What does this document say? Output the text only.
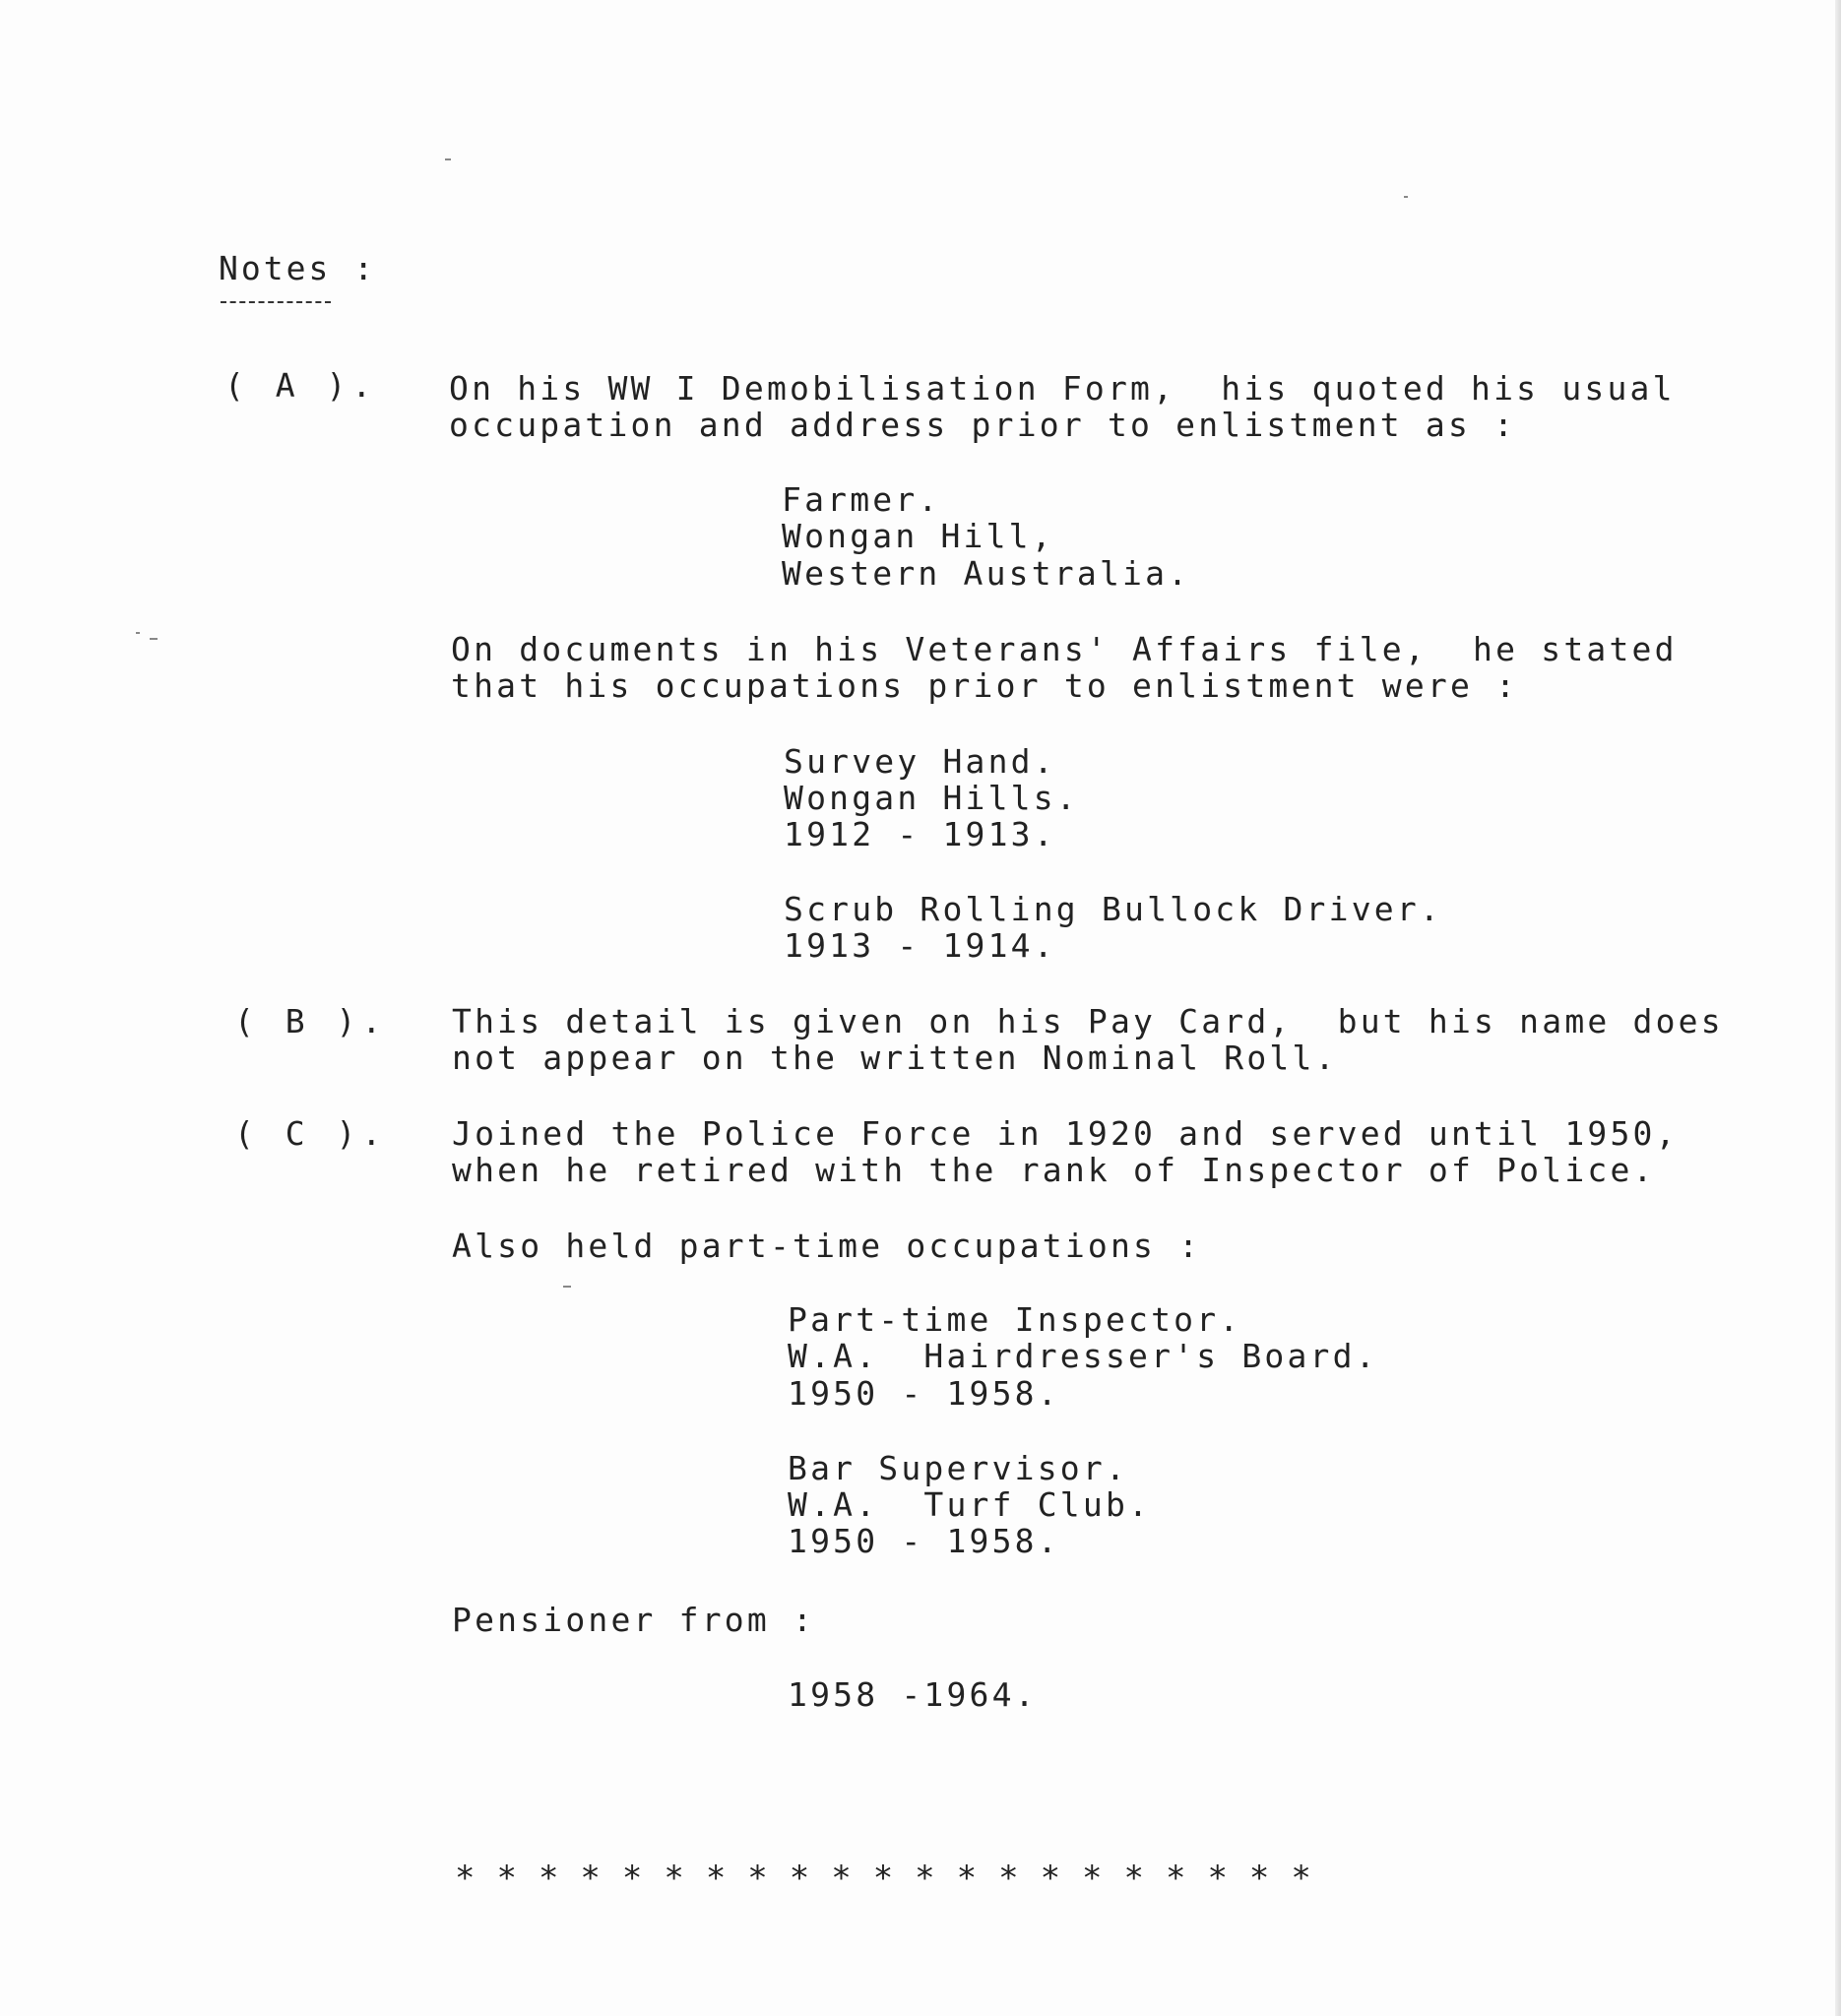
Notes :
( A ). On his WW I Demobilisation Form,  his quoted his usual
occupation and address prior to enlistment as :
Farmer.
Wongan Hill,
Western Australia.
On documents in his Veterans' Affairs file,  he stated
that his occupations prior to enlistment were :
Survey Hand.
Wongan Hills.
1912 - 1913.
Scrub Rolling Bullock Driver.
1913 - 1914.
( B ). This detail is given on his Pay Card,  but his name does
not appear on the written Nominal Roll.
( C ). Joined the Police Force in 1920 and served until 1950,
when he retired with the rank of Inspector of Police.
Also held part-time occupations :
Part-time Inspector.
W.A.  Hairdresser's Board.
1950 - 1958.
Bar Supervisor.
W.A.  Turf Club.
1950 - 1958.
Pensioner from :
1958 -1964.
*********************
